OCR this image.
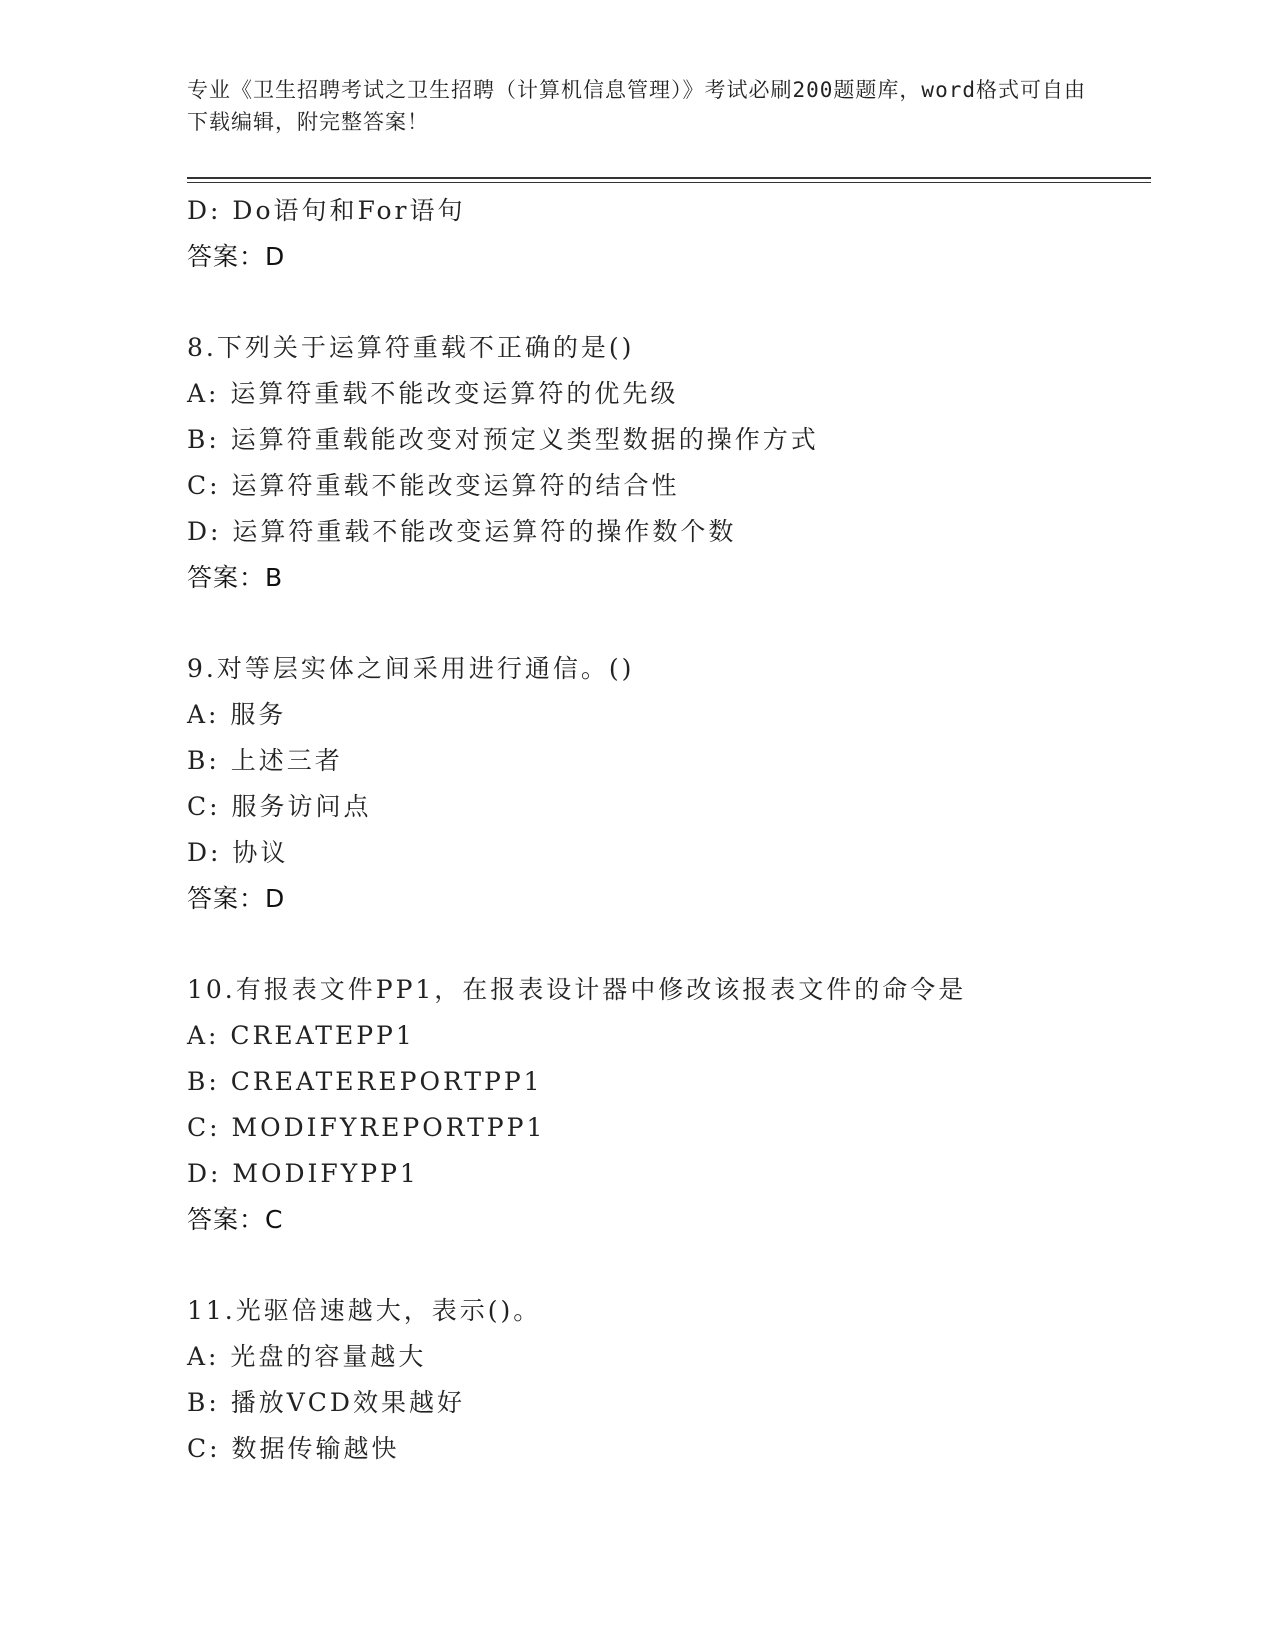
专业《卫生招聘考试之卫生招聘（计算机信息管理）》考试必刷200题题库，word格式可自由下载编辑，附完整答案！
D: Do语句和For语句
答案：D
8.下列关于运算符重载不正确的是()
A: 运算符重载不能改变运算符的优先级
B: 运算符重载能改变对预定义类型数据的操作方式
C: 运算符重载不能改变运算符的结合性
D: 运算符重载不能改变运算符的操作数个数
答案：B
9.对等层实体之间采用进行通信。()
A: 服务
B: 上述三者
C: 服务访问点
D: 协议
答案：D
10.有报表文件PP1，在报表设计器中修改该报表文件的命令是
A: CREATEPP1
B: CREATEREPORTPP1
C: MODIFYREPORTPP1
D: MODIFYPP1
答案：C
11.光驱倍速越大，表示()。
A: 光盘的容量越大
B: 播放VCD效果越好
C: 数据传输越快
